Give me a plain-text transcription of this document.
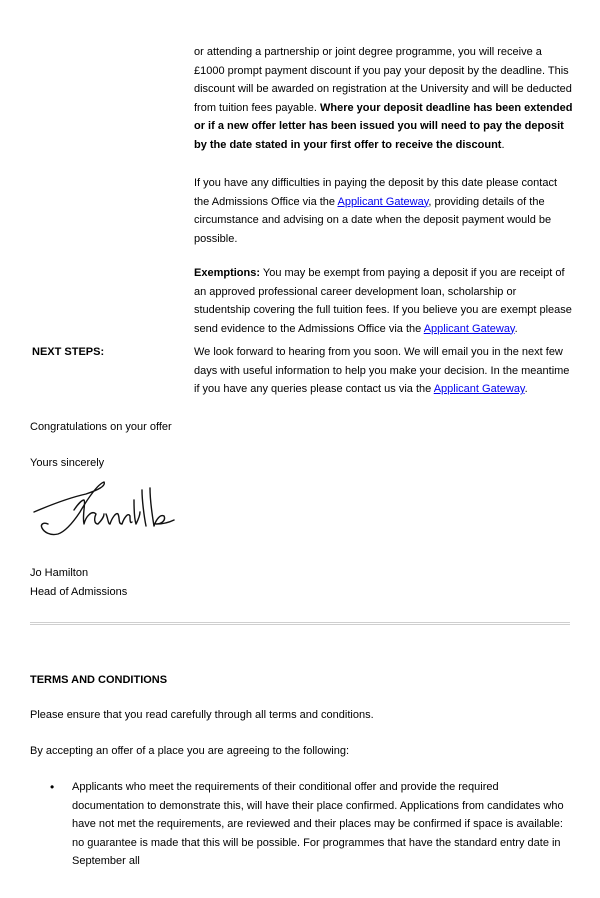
or attending a partnership or joint degree programme, you will receive a £1000 prompt payment discount if you pay your deposit by the deadline. This discount will be awarded on registration at the University and will be deducted from tuition fees payable. Where your deposit deadline has been extended or if a new offer letter has been issued you will need to pay the deposit by the date stated in your first offer to receive the discount.

If you have any difficulties in paying the deposit by this date please contact the Admissions Office via the Applicant Gateway, providing details of the circumstance and advising on a date when the deposit payment would be possible.

Exemptions: You may be exempt from paying a deposit if you are receipt of an approved professional career development loan, scholarship or studentship covering the full tuition fees. If you believe you are exempt please send evidence to the Admissions Office via the Applicant Gateway.

NEXT STEPS:	We look forward to hearing from you soon. We will email you in the next few days with useful information to help you make your decision. In the meantime if you have any queries please contact us via the Applicant Gateway.

Congratulations on your offer
Yours sincerely
Jo Hamilton
Head of Admissions
TERMS AND CONDITIONS
Please ensure that you read carefully through all terms and conditions.
By accepting an offer of a place you are agreeing to the following:
• Applicants who meet the requirements of their conditional offer and provide the required documentation to demonstrate this, will have their place confirmed. Applications from candidates who have not met the requirements, are reviewed and their places may be confirmed if space is available: no guarantee is made that this will be possible. For programmes that have the standard entry date in September all
